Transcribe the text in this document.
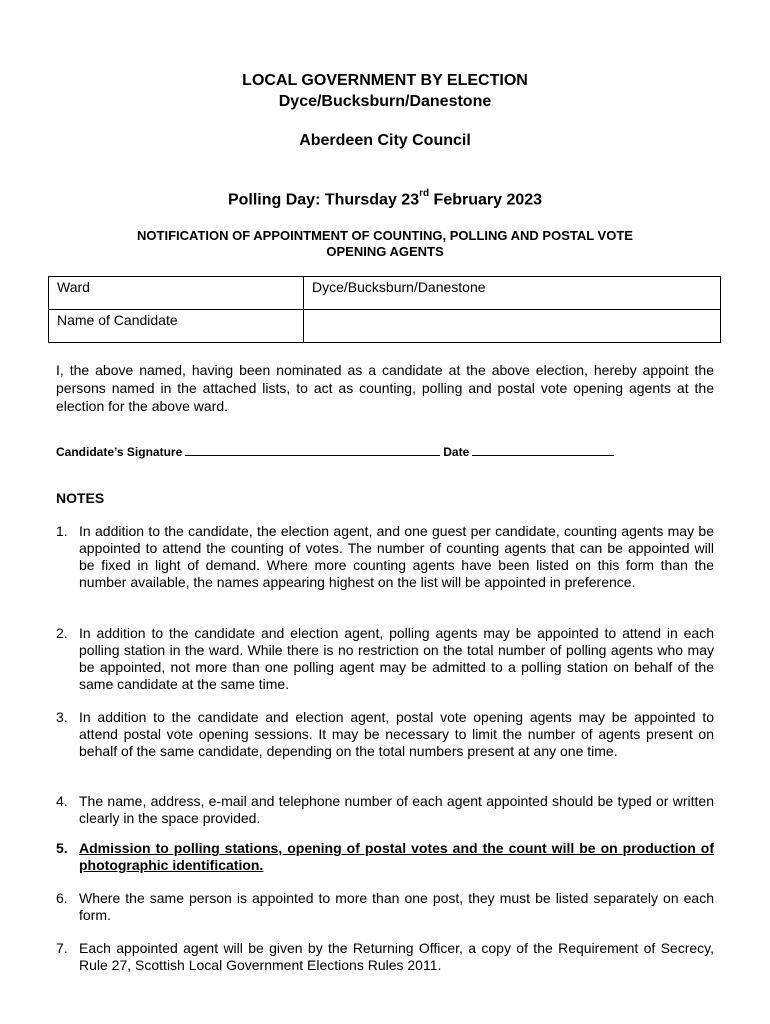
LOCAL GOVERNMENT BY ELECTION
Dyce/Bucksburn/Danestone
Aberdeen City Council
Polling Day: Thursday 23rd February 2023
NOTIFICATION OF APPOINTMENT OF COUNTING, POLLING AND POSTAL VOTE
OPENING AGENTS
Ward	Dyce/Bucksburn/Danestone
Name of Candidate	
I, the above named, having been nominated as a candidate at the above election, hereby appoint the persons named in the attached lists, to act as counting, polling and postal vote opening agents at the election for the above ward.
Candidate’s Signature	Date
NOTES
1. In addition to the candidate, the election agent, and one guest per candidate, counting agents may be appointed to attend the counting of votes. The number of counting agents that can be appointed will be fixed in light of demand. Where more counting agents have been listed on this form than the number available, the names appearing highest on the list will be appointed in preference.
2. In addition to the candidate and election agent, polling agents may be appointed to attend in each polling station in the ward. While there is no restriction on the total number of polling agents who may be appointed, not more than one polling agent may be admitted to a polling station on behalf of the same candidate at the same time.
3. In addition to the candidate and election agent, postal vote opening agents may be appointed to attend postal vote opening sessions. It may be necessary to limit the number of agents present on behalf of the same candidate, depending on the total numbers present at any one time.
4. The name, address, e-mail and telephone number of each agent appointed should be typed or written clearly in the space provided.
5. Admission to polling stations, opening of postal votes and the count will be on production of photographic identification.
6. Where the same person is appointed to more than one post, they must be listed separately on each form.
7. Each appointed agent will be given by the Returning Officer, a copy of the Requirement of Secrecy, Rule 27, Scottish Local Government Elections Rules 2011.
